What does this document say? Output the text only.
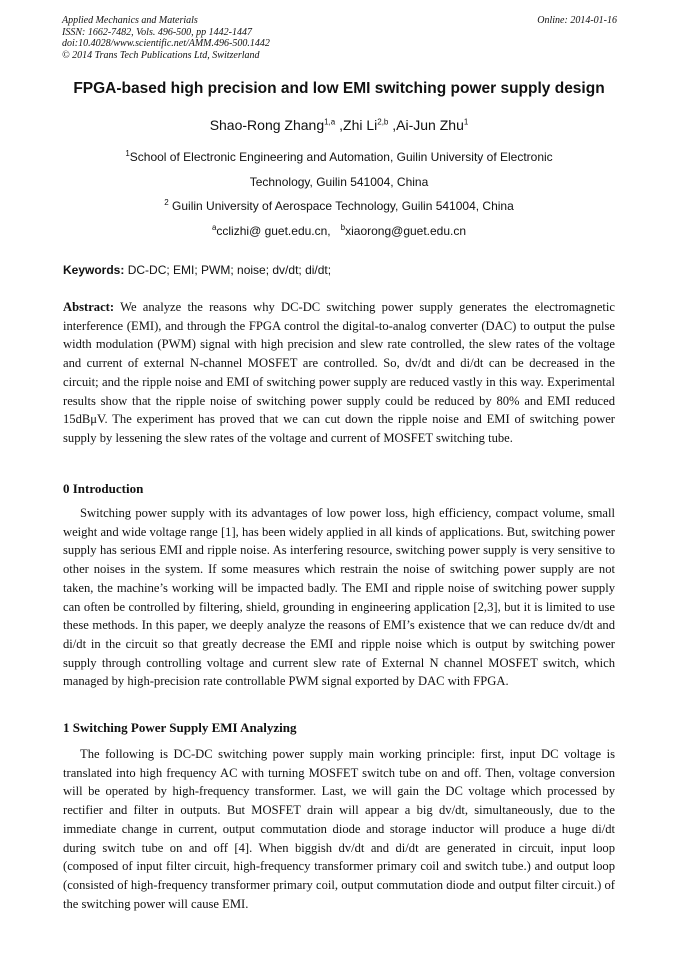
Applied Mechanics and Materials
ISSN: 1662-7482, Vols. 496-500, pp 1442-1447
doi:10.4028/www.scientific.net/AMM.496-500.1442
© 2014 Trans Tech Publications Ltd, Switzerland
Online: 2014-01-16
FPGA-based high precision and low EMI switching power supply design
Shao-Rong Zhang$^{1,a}$ ,Zhi Li$^{2,b}$ ,Ai-Jun Zhu$^1$
$^1$School of Electronic Engineering and Automation, Guilin University of Electronic
Technology, Guilin 541004, China
$^2$ Guilin University of Aerospace Technology, Guilin 541004, China
$^a$cclizhi@ guet.edu.cn, $^b$xiaorong@guet.edu.cn
Keywords: DC-DC; EMI; PWM; noise; dv/dt; di/dt;

Abstract: We analyze the reasons why DC-DC switching power supply generates the electromagnetic interference (EMI), and through the FPGA control the digital-to-analog converter (DAC) to output the pulse width modulation (PWM) signal with high precision and slew rate controlled, the slew rates of the voltage and current of external N-channel MOSFET are controlled. So, dv/dt and di/dt can be decreased in the circuit; and the ripple noise and EMI of switching power supply are reduced vastly in this way. Experimental results show that the ripple noise of switching power supply could be reduced by 80% and EMI reduced 15dBμV. The experiment has proved that we can cut down the ripple noise and EMI of switching power supply by lessening the slew rates of the voltage and current of MOSFET switching tube.

0 Introduction

Switching power supply with its advantages of low power loss, high efficiency, compact volume, small weight and wide voltage range [1], has been widely applied in all kinds of applications. But, switching power supply has serious EMI and ripple noise. As interfering resource, switching power supply is very sensitive to other noises in the system. If some measures which restrain the noise of switching power supply are not taken, the machine’s working will be impacted badly. The EMI and ripple noise of switching power supply can often be controlled by filtering, shield, grounding in engineering application [2,3], but it is limited to use these methods. In this paper, we deeply analyze the reasons of EMI’s existence that we can reduce dv/dt and di/dt in the circuit so that greatly decrease the EMI and ripple noise which is output by switching power supply through controlling voltage and current slew rate of External N channel MOSFET switch, which managed by high-precision rate controllable PWM signal exported by DAC with FPGA.

1 Switching Power Supply EMI Analyzing

The following is DC-DC switching power supply main working principle: first, input DC voltage is translated into high frequency AC with turning MOSFET switch tube on and off. Then, voltage conversion will be operated by high-frequency transformer. Last, we will gain the DC voltage which processed by rectifier and filter in outputs. But MOSFET drain will appear a big dv/dt, simultaneously, due to the immediate change in current, output commutation diode and storage inductor will produce a huge di/dt during switch tube on and off [4]. When biggish dv/dt and di/dt are generated in circuit, input loop (composed of input filter circuit, high-frequency transformer primary coil and switch tube.) and output loop (consisted of high-frequency transformer primary coil, output commutation diode and output filter circuit.) of the switching power will cause EMI.
